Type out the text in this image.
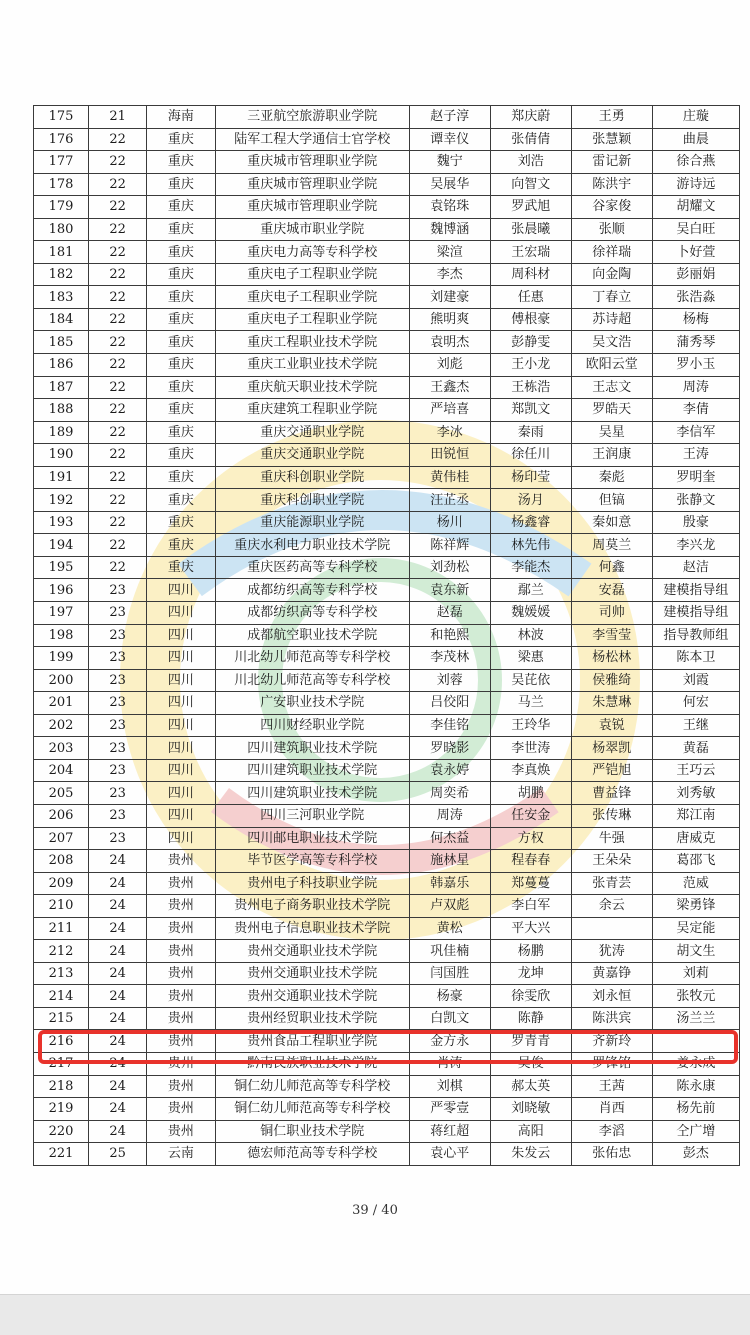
175	21	海南	三亚航空旅游职业学院	赵子淳	郑庆蔚	王勇	庄璇
176	22	重庆	陆军工程大学通信士官学校	谭幸仪	张倩倩	张慧颖	曲晨
177	22	重庆	重庆城市管理职业学院	魏宁	刘浩	雷记新	徐合燕
178	22	重庆	重庆城市管理职业学院	吴展华	向智文	陈洪宇	游诗远
179	22	重庆	重庆城市管理职业学院	袁铭珠	罗武旭	谷家俊	胡耀文
180	22	重庆	重庆城市职业学院	魏博涵	张晨曦	张顺	吴白旺
181	22	重庆	重庆电力高等专科学校	梁渲	王宏瑞	徐祥瑞	卜好萱
182	22	重庆	重庆电子工程职业学院	李杰	周科材	向金陶	彭丽娟
183	22	重庆	重庆电子工程职业学院	刘建豪	任惠	丁春立	张浩淼
184	22	重庆	重庆电子工程职业学院	熊明爽	傅根豪	苏诗超	杨梅
185	22	重庆	重庆工程职业技术学院	袁明杰	彭静雯	吴文浩	蒲秀琴
186	22	重庆	重庆工业职业技术学院	刘彪	王小龙	欧阳云堂	罗小玉
187	22	重庆	重庆航天职业技术学院	王鑫杰	王栋浩	王志文	周涛
188	22	重庆	重庆建筑工程职业学院	严培喜	郑凯文	罗皓天	李倩
189	22	重庆	重庆交通职业学院	李冰	秦雨	吴星	李信军
190	22	重庆	重庆交通职业学院	田锐恒	徐任川	王润康	王涛
191	22	重庆	重庆科创职业学院	黄伟桂	杨印莹	秦彪	罗明奎
192	22	重庆	重庆科创职业学院	汪芷丞	汤月	但镐	张静文
193	22	重庆	重庆能源职业学院	杨川	杨鑫睿	秦如意	殷豪
194	22	重庆	重庆水利电力职业技术学院	陈祥辉	林先伟	周莫兰	李兴龙
195	22	重庆	重庆医药高等专科学校	刘劲松	李能杰	何鑫	赵洁
196	23	四川	成都纺织高等专科学校	袁东新	鄢兰	安磊	建模指导组
197	23	四川	成都纺织高等专科学校	赵磊	魏媛媛	司帅	建模指导组
198	23	四川	成都航空职业技术学院	和艳熙	林波	李雪莹	指导教师组
199	23	四川	川北幼儿师范高等专科学校	李茂林	梁惠	杨松林	陈本卫
200	23	四川	川北幼儿师范高等专科学校	刘蓉	吴芘依	侯雅绮	刘霞
201	23	四川	广安职业技术学院	吕佼阳	马兰	朱慧琳	何宏
202	23	四川	四川财经职业学院	李佳铭	王玲华	袁锐	王继
203	23	四川	四川建筑职业技术学院	罗晓影	李世涛	杨翠凯	黄磊
204	23	四川	四川建筑职业技术学院	袁永婷	李真焕	严铠旭	王巧云
205	23	四川	四川建筑职业技术学院	周奕希	胡鹏	曹益锋	刘秀敏
206	23	四川	四川三河职业学院	周涛	任安金	张传琳	郑江南
207	23	四川	四川邮电职业技术学院	何杰益	方权	牛强	唐威克
208	24	贵州	毕节医学高等专科学校	施林星	程春春	王朵朵	葛邵飞
209	24	贵州	贵州电子科技职业学院	韩嘉乐	郑蔓蔓	张青芸	范威
210	24	贵州	贵州电子商务职业技术学院	卢双彪	李白军	余云	梁勇锋
211	24	贵州	贵州电子信息职业技术学院	黄松	平大兴		吴定能
212	24	贵州	贵州交通职业技术学院	巩佳楠	杨鹏	犹涛	胡文生
213	24	贵州	贵州交通职业技术学院	闫国胜	龙坤	黄嘉铮	刘莉
214	24	贵州	贵州交通职业技术学院	杨豪	徐雯欣	刘永恒	张牧元
215	24	贵州	贵州经贸职业技术学院	白凯文	陈静	陈洪宾	汤兰兰
216	24	贵州	贵州食品工程职业学院	金方永	罗青青	齐新玲	
217	24	贵州	黔南民族职业技术学院	肖涛	吴俊	罗锋铭	姜永成
218	24	贵州	铜仁幼儿师范高等专科学校	刘棋	郝太英	王茜	陈永康
219	24	贵州	铜仁幼儿师范高等专科学校	严零壹	刘晓敏	肖西	杨先前
220	24	贵州	铜仁职业技术学院	蒋红超	高阳	李滔	仝广增
221	25	云南	德宏师范高等专科学校	袁心平	朱发云	张佑忠	彭杰
39 / 40
